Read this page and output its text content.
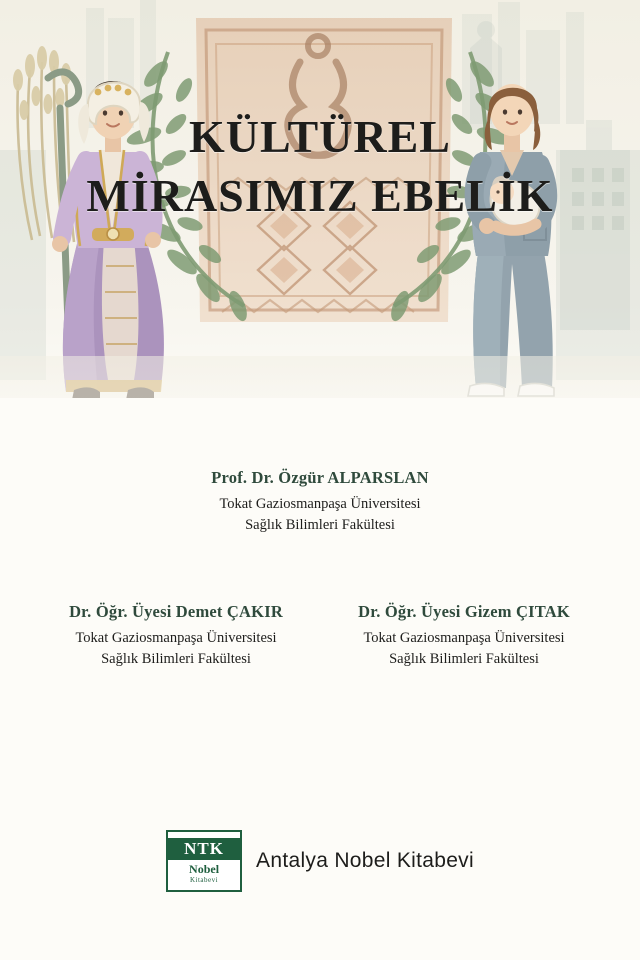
KÜLTÜREL
MİRASIMIZ EBELİK
Prof. Dr. Özgür ALPARSLAN
Tokat Gaziosmanpaşa Üniversitesi
Sağlık Bilimleri Fakültesi
Dr. Öğr. Üyesi Demet ÇAKIR
Tokat Gaziosmanpaşa Üniversitesi
Sağlık Bilimleri Fakültesi
Dr. Öğr. Üyesi Gizem ÇITAK
Tokat Gaziosmanpaşa Üniversitesi
Sağlık Bilimleri Fakültesi
NTK
Nobel
Kitabevi
Antalya Nobel Kitabevi
